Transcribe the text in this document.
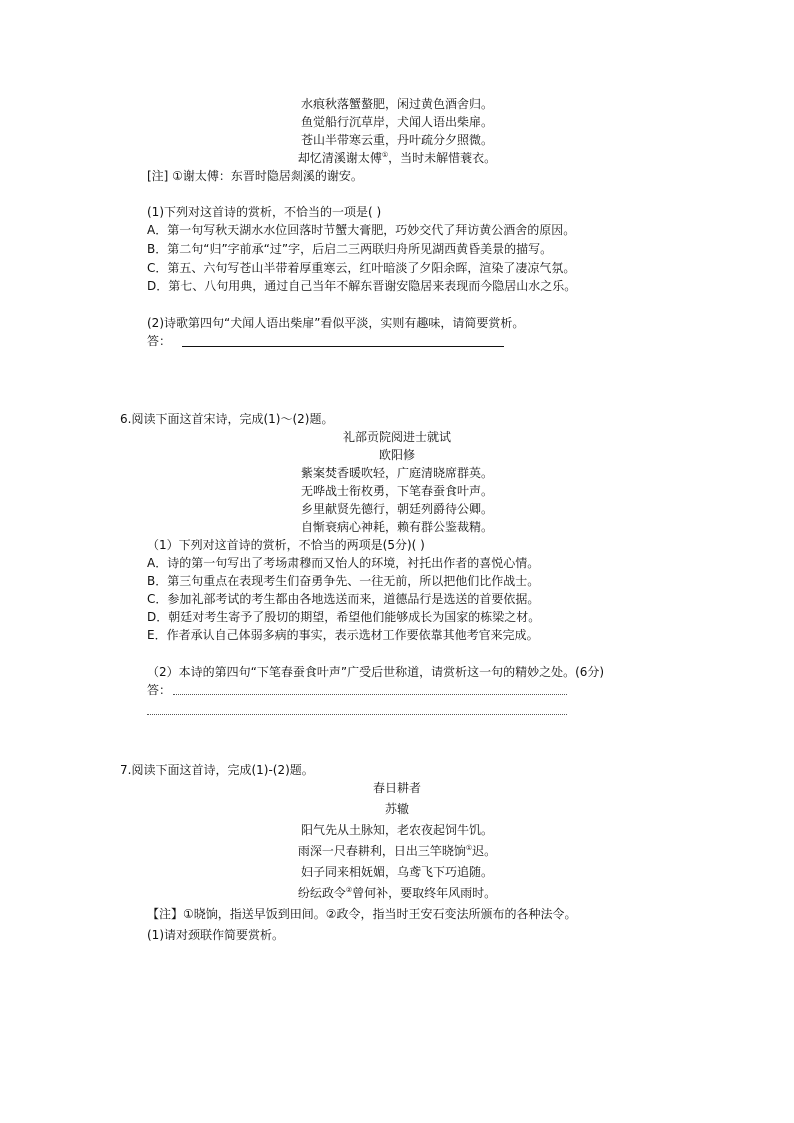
水痕秋落蟹螯肥，闲过黄色酒舍归。
鱼觉船行沉草岸，犬闻人语出柴扉。
苍山半带寒云重，丹叶疏分夕照微。
却忆清溪谢太傅①，当时未解惜蓑衣。
[注] ①谢太傅：东晋时隐居剡溪的谢安。
(1)下列对这首诗的赏析，不恰当的一项是( )
A．第一句写秋天湖水水位回落时节蟹大膏肥，巧妙交代了拜访黄公酒舍的原因。
B．第二句“归”字前承“过”字，后启二三两联归舟所见湖西黄昏美景的描写。
C．第五、六句写苍山半带着厚重寒云，红叶暗淡了夕阳余晖，渲染了凄凉气氛。
D．第七、八句用典，通过自己当年不解东晋谢安隐居来表现而今隐居山水之乐。
(2)诗歌第四句“犬闻人语出柴扉”看似平淡，实则有趣味，请简要赏析。
答：
6.阅读下面这首宋诗，完成(1)～(2)题。
礼部贡院阅进士就试
欧阳修
紫案焚香暖吹轻，广庭清晓席群英。
无哗战士衔枚勇，下笔春蚕食叶声。
乡里献贤先德行，朝廷列爵待公卿。
自惭衰病心神耗，赖有群公鉴裁精。
（1）下列对这首诗的赏析，不恰当的两项是(5分)( )
A．诗的第一句写出了考场肃穆而又怡人的环境，衬托出作者的喜悦心情。
B．第三句重点在表现考生们奋勇争先、一往无前，所以把他们比作战士。
C．参加礼部考试的考生都由各地选送而来，道德品行是选送的首要依据。
D．朝廷对考生寄予了殷切的期望，希望他们能够成长为国家的栋梁之材。
E．作者承认自己体弱多病的事实，表示选材工作要依靠其他考官来完成。
（2）本诗的第四句“下笔春蚕食叶声”广受后世称道，请赏析这一句的精妙之处。(6分)
答：
7.阅读下面这首诗，完成(1)-(2)题。
春日耕者
苏辙
阳气先从土脉知，老农夜起饲牛饥。
雨深一尺春耕利，日出三竿晓饷①迟。
妇子同来相妩媚，乌鸢飞下巧追随。
纷纭政令②曾何补，要取终年风雨时。
【注】①晓饷，指送早饭到田间。②政令，指当时王安石变法所颁布的各种法令。
(1)请对颈联作简要赏析。
